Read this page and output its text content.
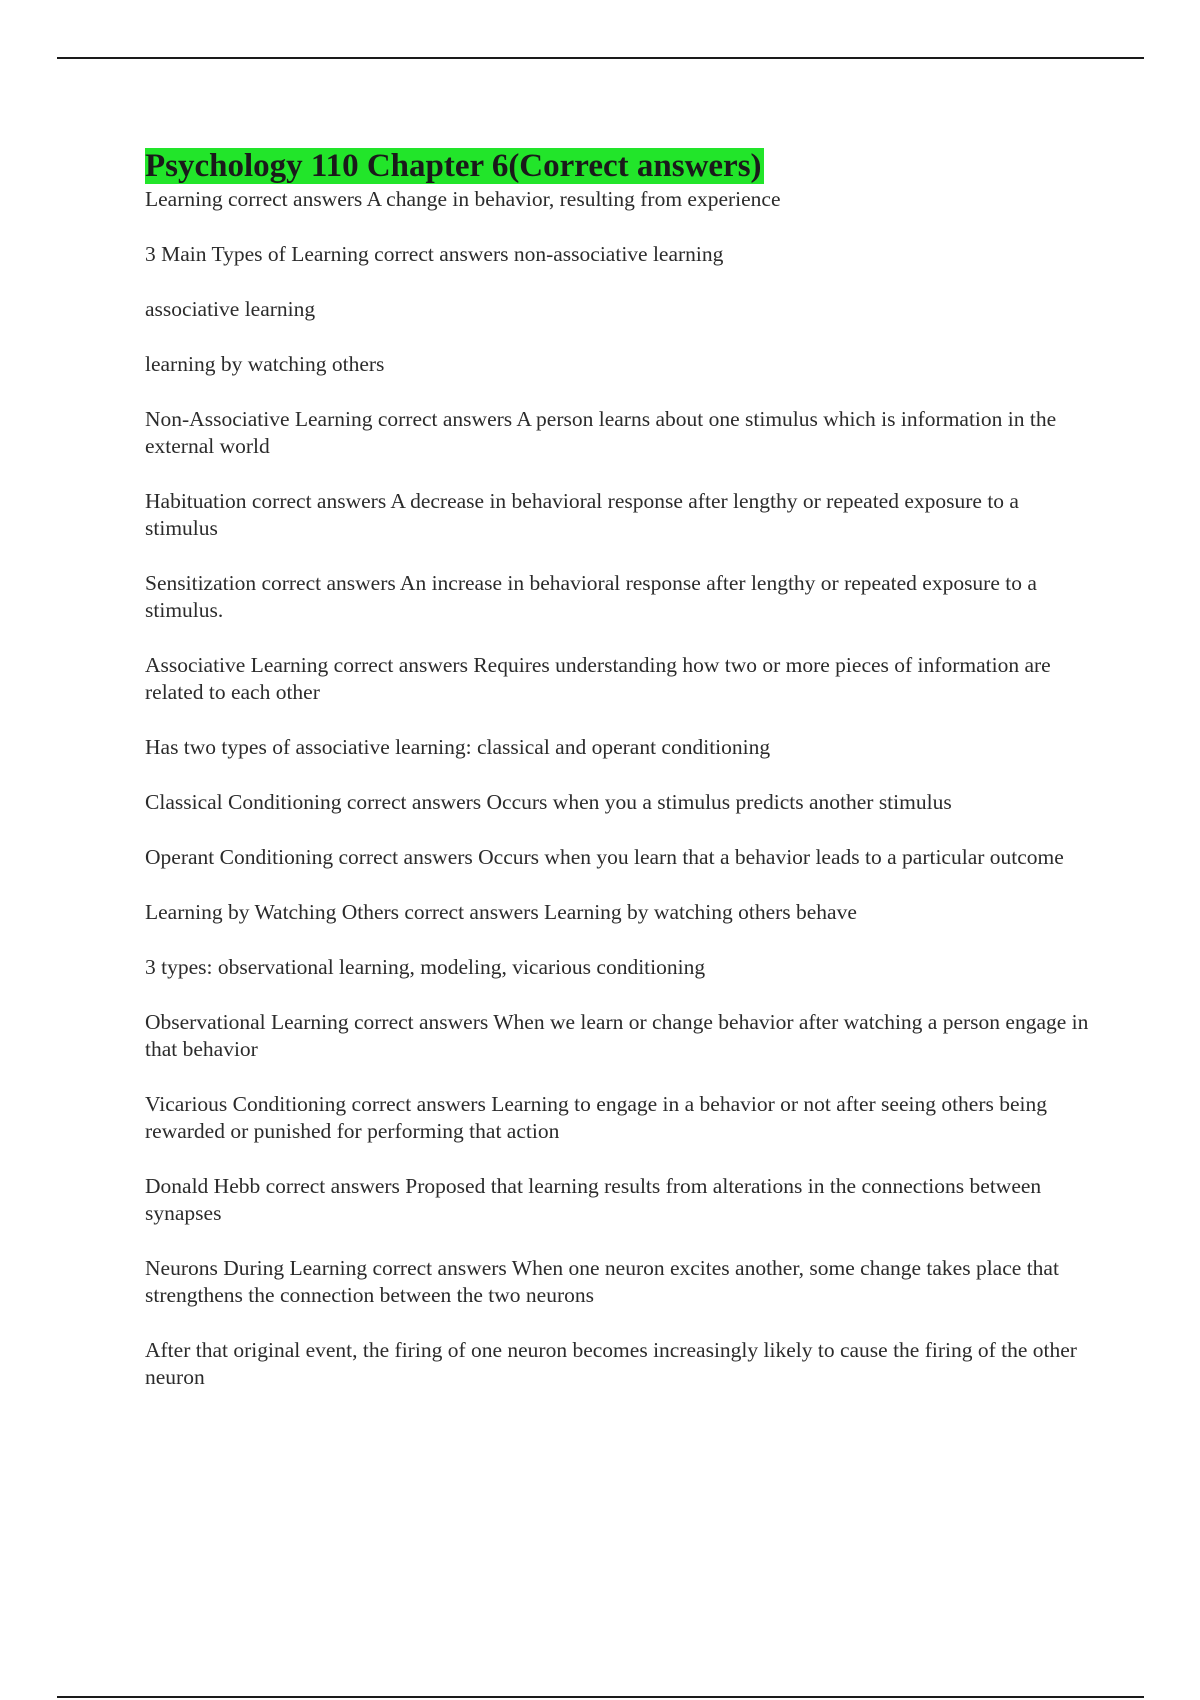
Psychology 110 Chapter 6(Correct answers)

Learning correct answers A change in behavior, resulting from experience

3 Main Types of Learning correct answers non-associative learning

associative learning

learning by watching others

Non-Associative Learning correct answers A person learns about one stimulus which is information in the external world

Habituation correct answers A decrease in behavioral response after lengthy or repeated exposure to a stimulus

Sensitization correct answers An increase in behavioral response after lengthy or repeated exposure to a stimulus.

Associative Learning correct answers Requires understanding how two or more pieces of information are related to each other

Has two types of associative learning: classical and operant conditioning

Classical Conditioning correct answers Occurs when you a stimulus predicts another stimulus

Operant Conditioning correct answers Occurs when you learn that a behavior leads to a particular outcome

Learning by Watching Others correct answers Learning by watching others behave

3 types: observational learning, modeling, vicarious conditioning

Observational Learning correct answers When we learn or change behavior after watching a person engage in that behavior

Vicarious Conditioning correct answers Learning to engage in a behavior or not after seeing others being rewarded or punished for performing that action

Donald Hebb correct answers Proposed that learning results from alterations in the connections between synapses

Neurons During Learning correct answers When one neuron excites another, some change takes place that strengthens the connection between the two neurons

After that original event, the firing of one neuron becomes increasingly likely to cause the firing of the other neuron
